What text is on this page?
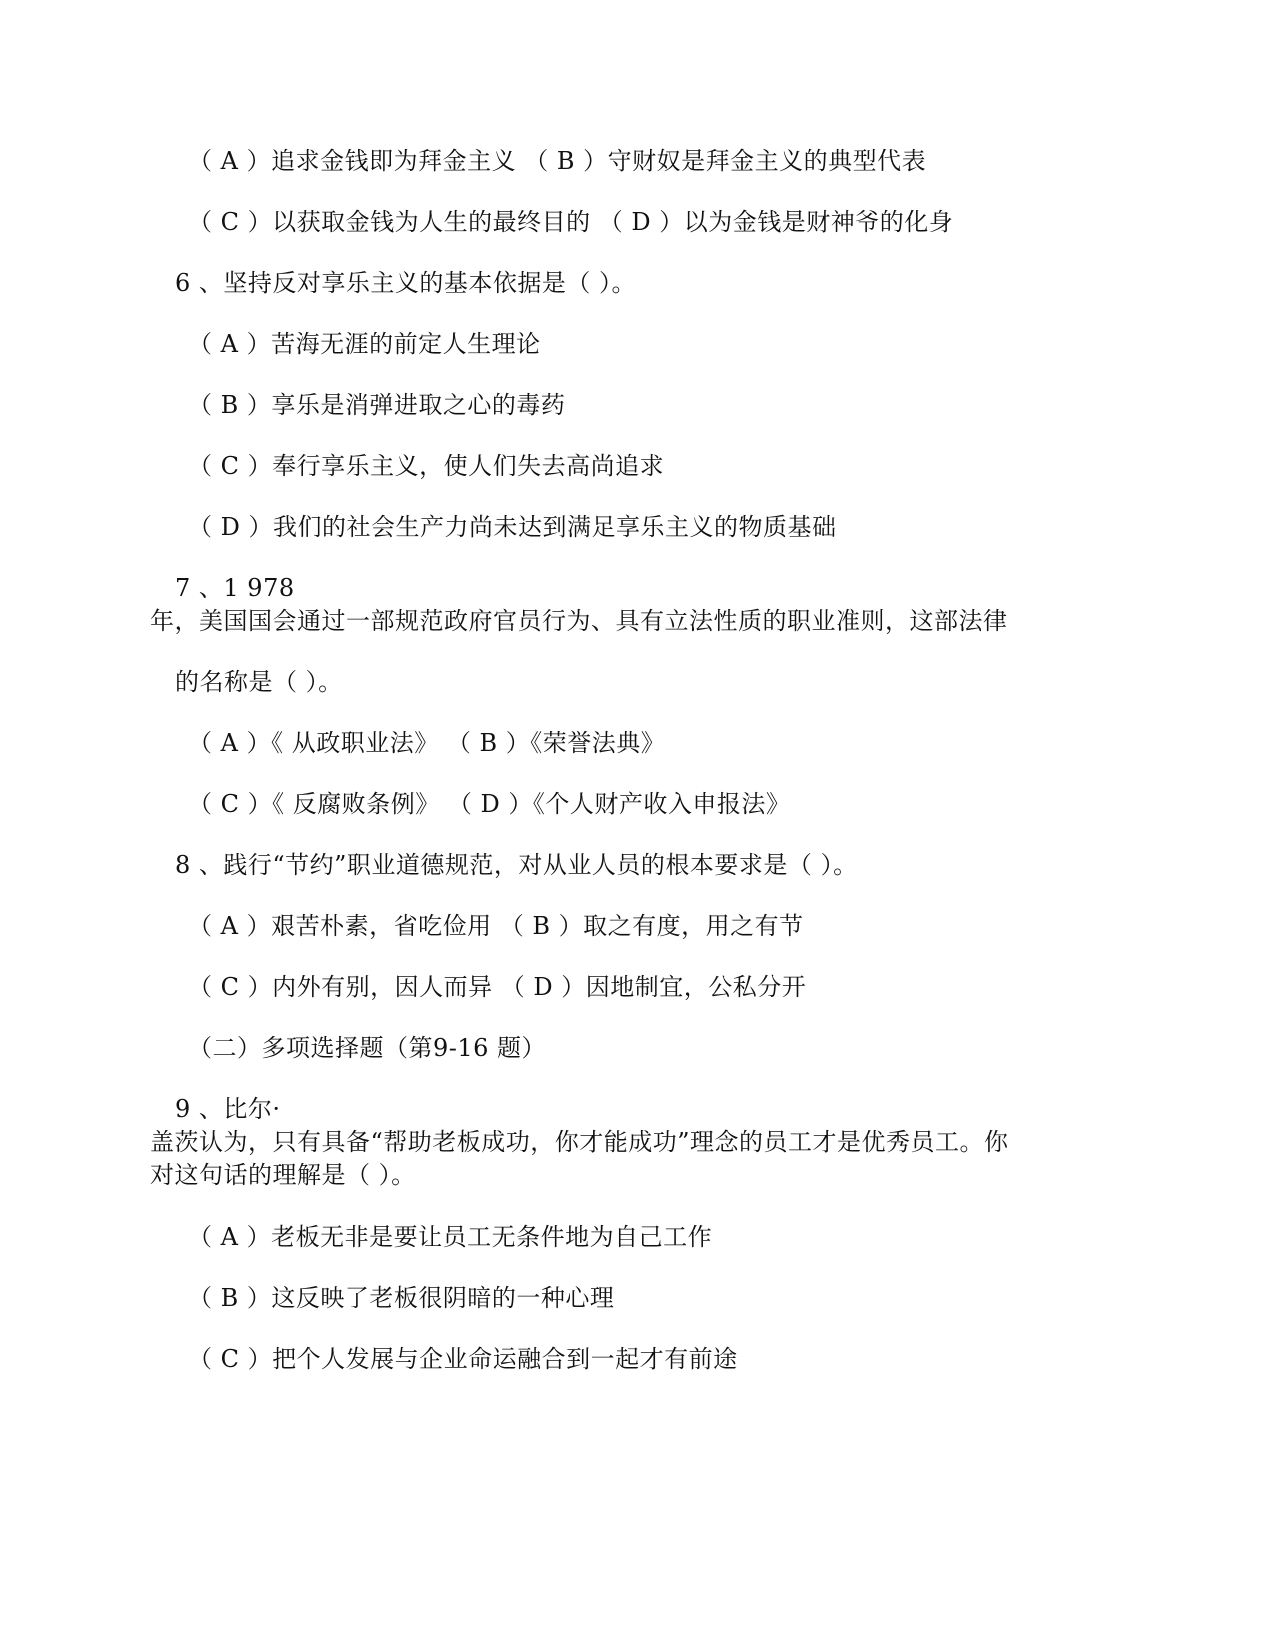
（ A ）追求金钱即为拜金主义 （ B ）守财奴是拜金主义的典型代表
（ C ）以获取金钱为人生的最终目的 （ D ）以为金钱是财神爷的化身
6 、坚持反对享乐主义的基本依据是（ ）。
（ A ）苦海无涯的前定人生理论
（ B ）享乐是消弹进取之心的毒药
（ C ）奉行享乐主义，使人们失去高尚追求
（ D ）我们的社会生产力尚未达到满足享乐主义的物质基础
7 、1 978
年，美国国会通过一部规范政府官员行为、具有立法性质的职业准则，这部法律
的名称是（ ）。
（ A ）《 从政职业法》 （ B ）《荣誉法典》
（ C ）《 反腐败条例》 （ D ）《个人财产收入申报法》
8 、践行“节约”职业道德规范，对从业人员的根本要求是（ ）。
（ A ）艰苦朴素，省吃俭用 （ B ）取之有度，用之有节
（ C ）内外有别，因人而异 （ D ）因地制宜，公私分开
（二）多项选择题（第9-16 题）
9 、比尔·
盖茨认为，只有具备“帮助老板成功，你才能成功”理念的员工才是优秀员工。你
对这句话的理解是（ ）。
（ A ）老板无非是要让员工无条件地为自己工作
（ B ）这反映了老板很阴暗的一种心理
（ C ）把个人发展与企业命运融合到一起才有前途
